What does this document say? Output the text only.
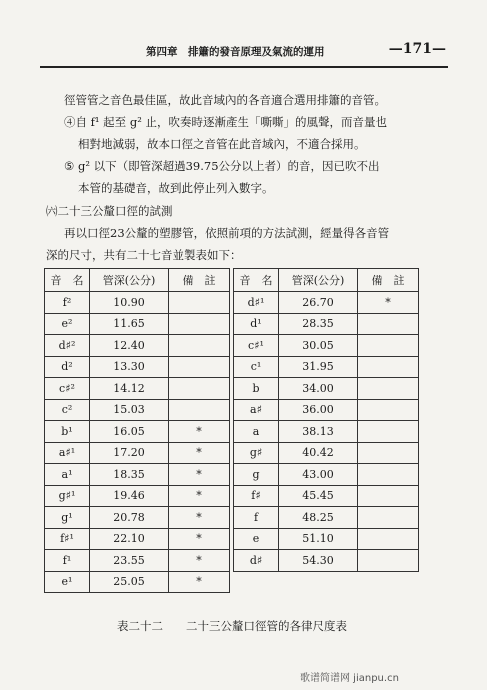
第四章　排簫的發音原理及氣流的運用	—171—
徑管管之音色最佳區，故此音域內的各音適合選用排簫的音管。
④自 f¹ 起至 g² 止，吹奏時逐漸產生「嘶嘶」的風聲，而音量也
相對地減弱，故本口徑之音管在此音域內，不適合採用。
⑤ g² 以下（即管深超過39.75公分以上者）的音，因已吹不出
本管的基礎音，故到此停止列入數字。
㈥二十三公釐口徑的試測
再以口徑23公釐的塑膠管，依照前項的方法試測，經量得各音管
深的尺寸，共有二十七音並製表如下：
音　名	管深(公分)	備　註
f²	10.90	
e²	11.65	
d♯²	12.40	
d²	13.30	
c♯²	14.12	
c²	15.03	
b¹	16.05	*
a♯¹	17.20	*
a¹	18.35	*
g♯¹	19.46	*
g¹	20.78	*
f♯¹	22.10	*
f¹	23.55	*
e¹	25.05	*
音　名	管深(公分)	備　註
d♯¹	26.70	*
d¹	28.35	
c♯¹	30.05	
c¹	31.95	
b	34.00	
a♯	36.00	
a	38.13	
g♯	40.42	
g	43.00	
f♯	45.45	
f	48.25	
e	51.10	
d♯	54.30	
表二十二　　二十三公釐口徑管的各律尺度表
歌谱简谱网 jianpu.cn
